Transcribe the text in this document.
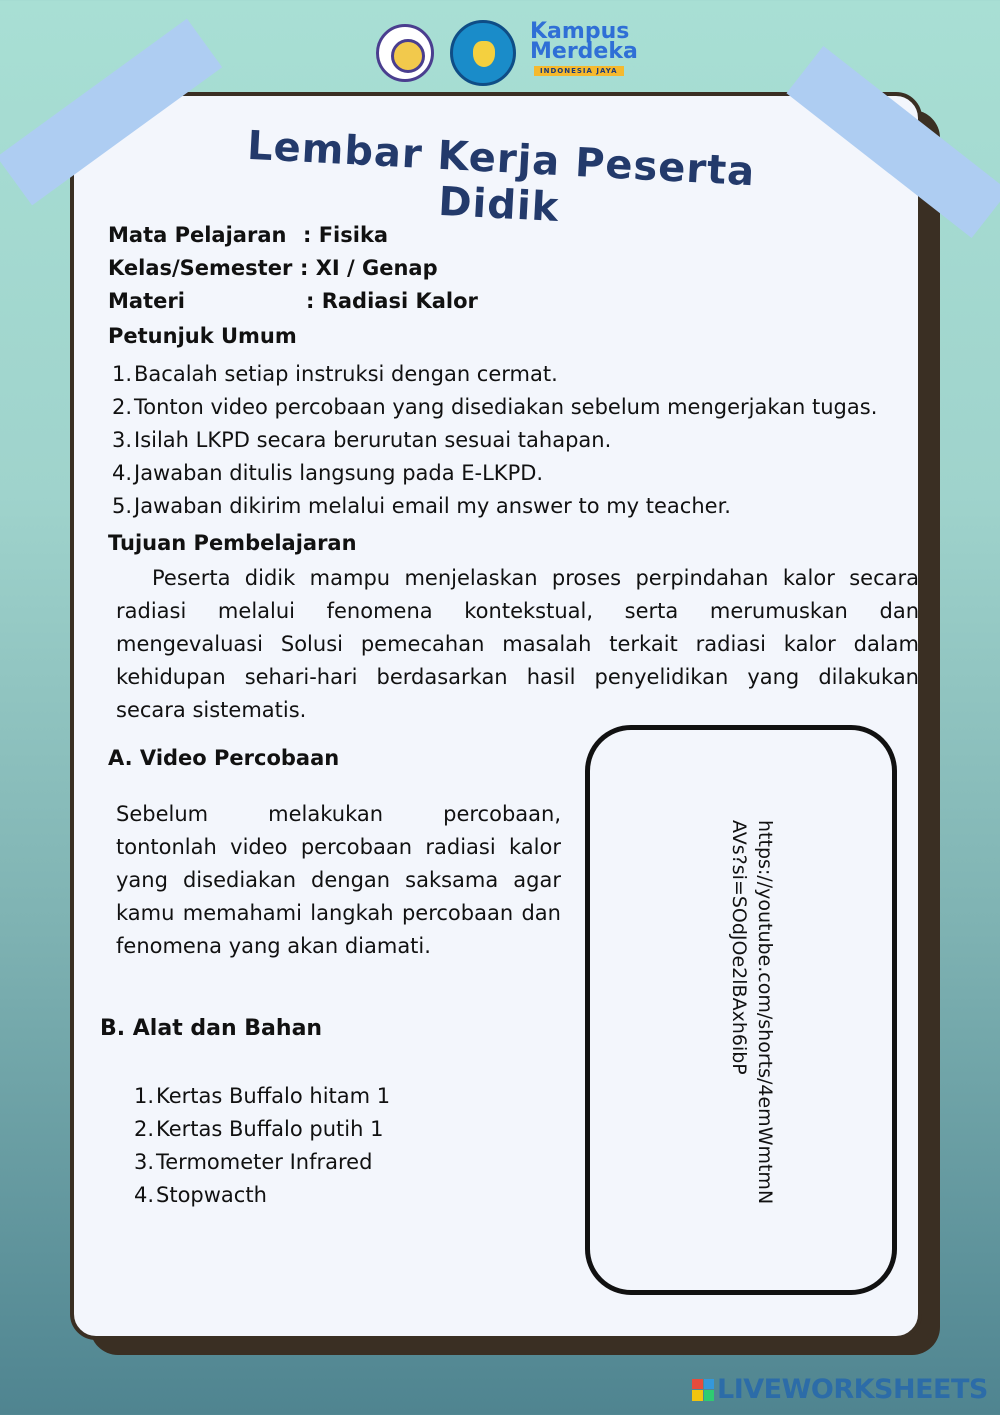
Kampus
Merdeka
INDONESIA JAYA
Lembar Kerja Peserta Didik
Mata Pelajaran : Fisika
Kelas/Semester : XI / Genap
Materi	: Radiasi Kalor
Petunjuk Umum
1.Bacalah setiap instruksi dengan cermat.
2.Tonton video percobaan yang disediakan sebelum mengerjakan tugas.
3.Isilah LKPD secara berurutan sesuai tahapan.
4.Jawaban ditulis langsung pada E-LKPD.
5.Jawaban dikirim melalui email my answer to my teacher.
Tujuan Pembelajaran
Peserta didik mampu menjelaskan proses perpindahan kalor secara radiasi melalui fenomena kontekstual, serta merumuskan dan mengevaluasi Solusi pemecahan masalah terkait radiasi kalor dalam kehidupan sehari-hari berdasarkan hasil penyelidikan yang dilakukan secara sistematis.
A. Video Percobaan
Sebelum melakukan percobaan, tontonlah video percobaan radiasi kalor yang disediakan dengan saksama agar kamu memahami langkah percobaan dan fenomena yang akan diamati.	https://youtube.com/shorts/4emWmtmNAVs?si=SOdJOe2lBAxh6ibP
B. Alat dan Bahan
1.Kertas Buffalo hitam 1
2.Kertas Buffalo putih 1
3.Termometer Infrared
4.Stopwacth
LIVEWORKSHEETS
